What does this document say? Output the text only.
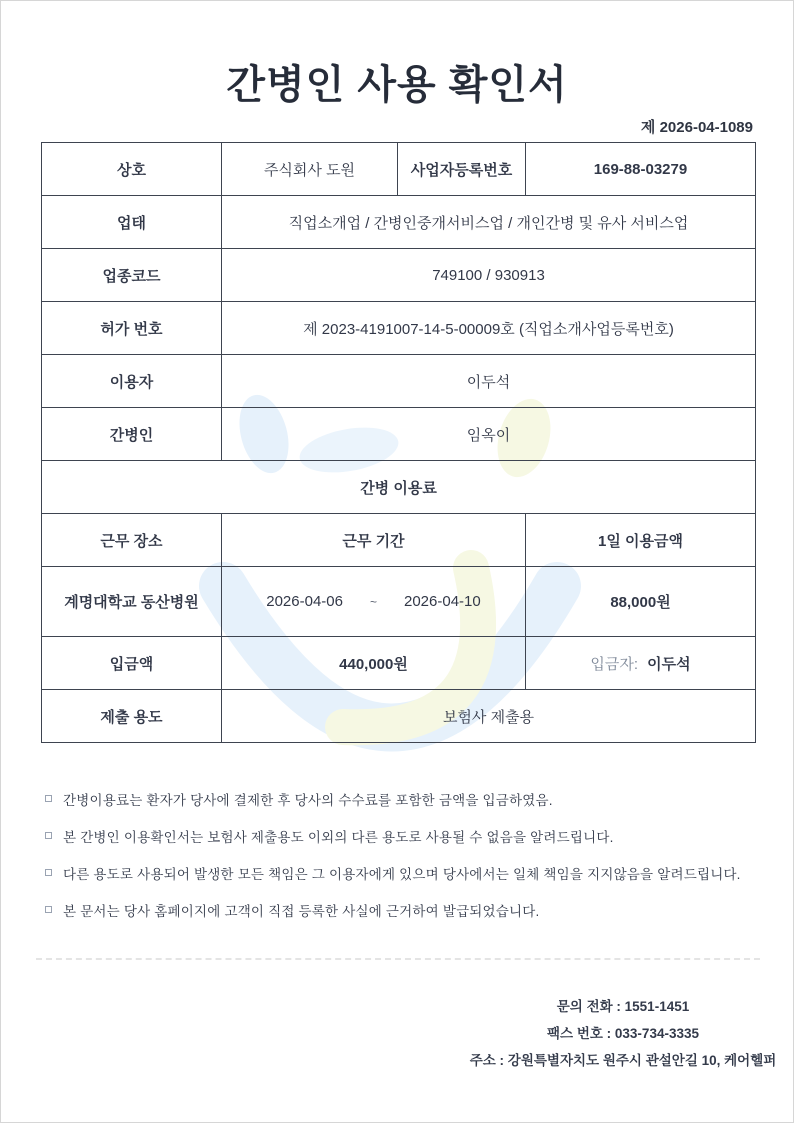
간병인 사용 확인서
제 2026-04-1089
상호	주식회사 도원	사업자등록번호	169-88-03279
업태	직업소개업 / 간병인중개서비스업 / 개인간병 및 유사 서비스업		
업종코드	749100 / 930913		
허가 번호	제 2023-4191007-14-5-00009호 (직업소개사업등록번호)		
이용자	이두석		
간병인	임옥이		
간병 이용료			
근무 장소	근무 기간		1일 이용금액
계명대학교 동산병원	2026-04-06 ~ 2026-04-10		88,000원
입금액	440,000원		입금자: 이두석
제출 용도	보험사 제출용		
간병이용료는 환자가 당사에 결제한 후 당사의 수수료를 포함한 금액을 입금하였음.
본 간병인 이용확인서는 보험사 제출용도 이외의 다른 용도로 사용될 수 없음을 알려드립니다.
다른 용도로 사용되어 발생한 모든 책임은 그 이용자에게 있으며 당사에서는 일체 책임을 지지않음을 알려드립니다.
본 문서는 당사 홈페이지에 고객이 직접 등록한 사실에 근거하여 발급되었습니다.
문의 전화 : 1551-1451
팩스 번호 : 033-734-3335
주소 : 강원특별자치도 원주시 관설안길 10, 케어헬퍼
